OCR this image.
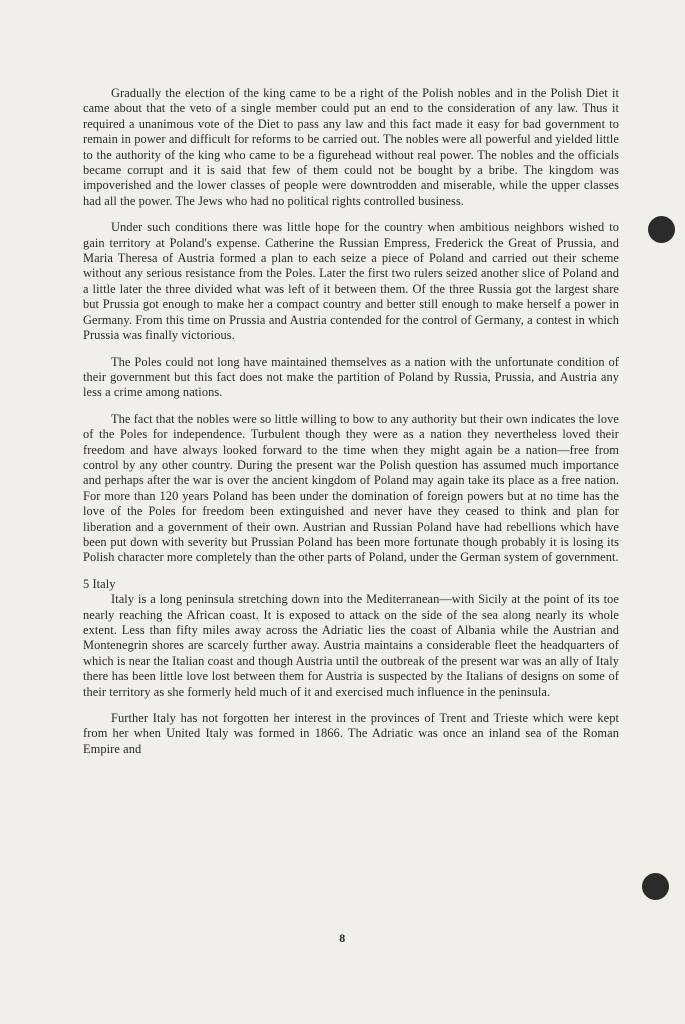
Gradually the election of the king came to be a right of the Polish nobles and in the Polish Diet it came about that the veto of a single member could put an end to the consideration of any law. Thus it required a unanimous vote of the Diet to pass any law and this fact made it easy for bad government to remain in power and difficult for reforms to be carried out. The nobles were all powerful and yielded little to the authority of the king who came to be a figurehead without real power. The nobles and the officials became corrupt and it is said that few of them could not be bought by a bribe. The kingdom was impoverished and the lower classes of people were downtrodden and miserable, while the upper classes had all the power. The Jews who had no political rights controlled business.

Under such conditions there was little hope for the country when ambitious neighbors wished to gain territory at Poland's expense. Catherine the Russian Empress, Frederick the Great of Prussia, and Maria Theresa of Austria formed a plan to each seize a piece of Poland and carried out their scheme without any serious resistance from the Poles. Later the first two rulers seized another slice of Poland and a little later the three divided what was left of it between them. Of the three Russia got the largest share but Prussia got enough to make her a compact country and better still enough to make herself a power in Germany. From this time on Prussia and Austria contended for the control of Germany, a contest in which Prussia was finally victorious.

The Poles could not long have maintained themselves as a nation with the unfortunate condition of their government but this fact does not make the partition of Poland by Russia, Prussia, and Austria any less a crime among nations.

The fact that the nobles were so little willing to bow to any authority but their own indicates the love of the Poles for independence. Turbulent though they were as a nation they nevertheless loved their freedom and have always looked forward to the time when they might again be a nation—free from control by any other country. During the present war the Polish question has assumed much importance and perhaps after the war is over the ancient kingdom of Poland may again take its place as a free nation. For more than 120 years Poland has been under the domination of foreign powers but at no time has the love of the Poles for freedom been extinguished and never have they ceased to think and plan for liberation and a government of their own. Austrian and Russian Poland have had rebellions which have been put down with severity but Prussian Poland has been more fortunate though probably it is losing its Polish character more completely than the other parts of Poland, under the German system of government.

5 Italy

Italy is a long peninsula stretching down into the Mediterranean—with Sicily at the point of its toe nearly reaching the African coast. It is exposed to attack on the side of the sea along nearly its whole extent. Less than fifty miles away across the Adriatic lies the coast of Albania while the Austrian and Montenegrin shores are scarcely further away. Austria maintains a considerable fleet the headquarters of which is near the Italian coast and though Austria until the outbreak of the present war was an ally of Italy there has been little love lost between them for Austria is suspected by the Italians of designs on some of their territory as she formerly held much of it and exercised much influence in the peninsula.

Further Italy has not forgotten her interest in the provinces of Trent and Trieste which were kept from her when United Italy was formed in 1866. The Adriatic was once an inland sea of the Roman Empire and

8
